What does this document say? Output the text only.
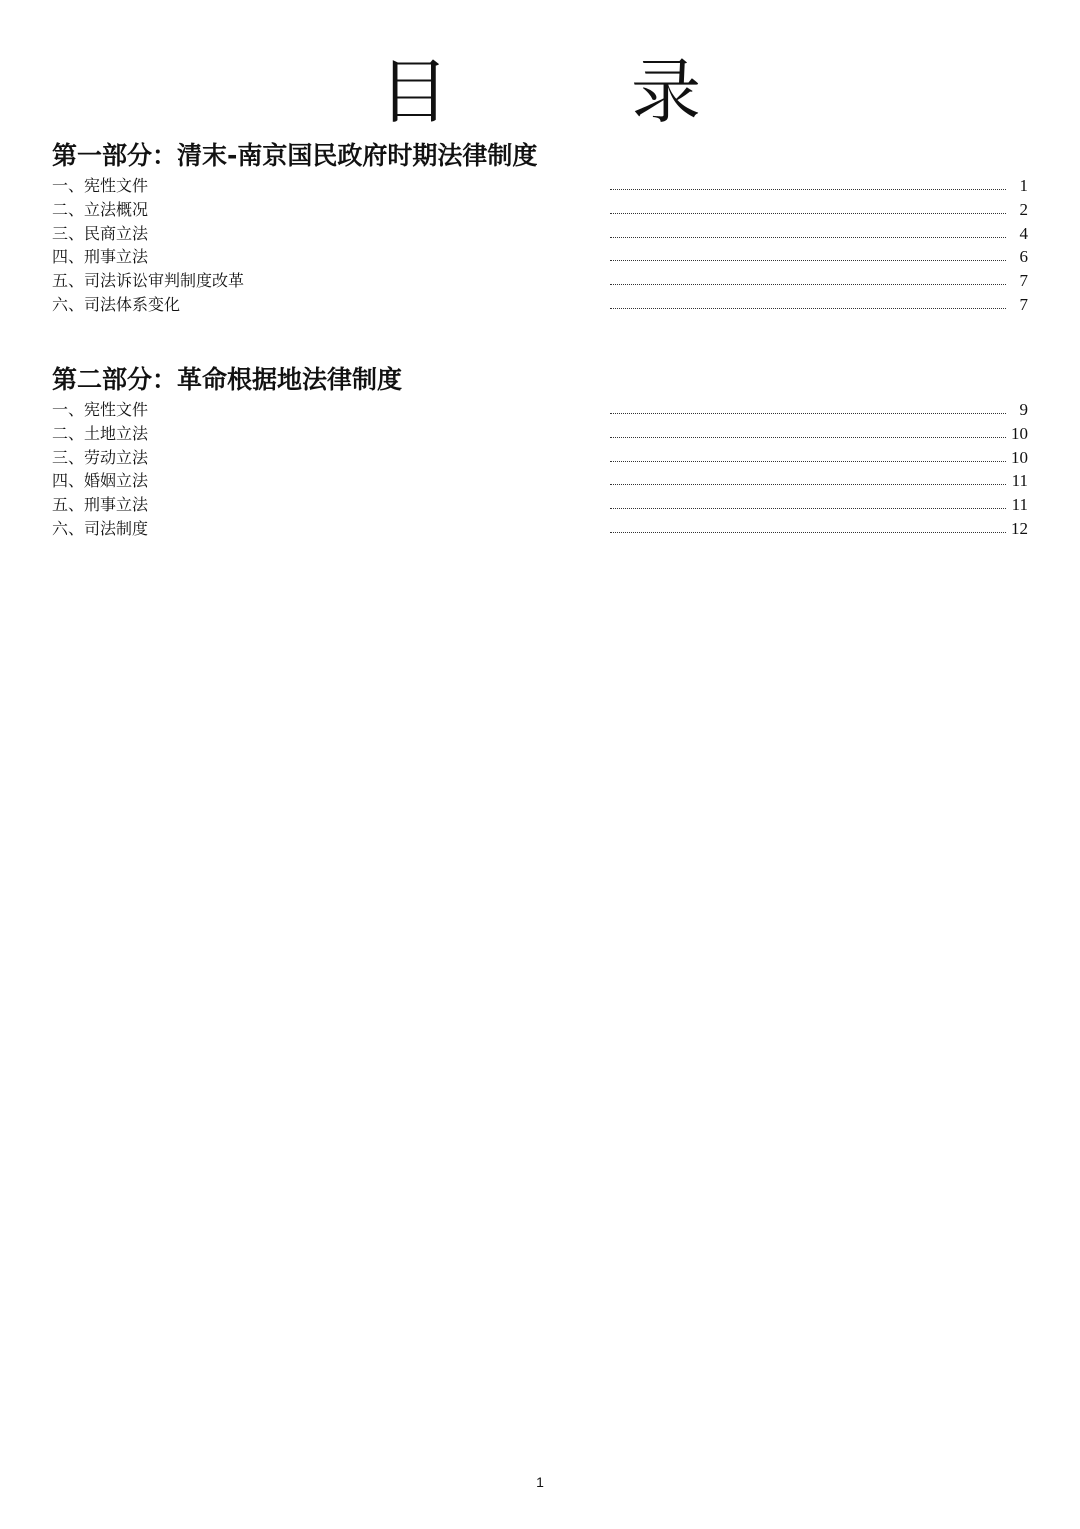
目　录
第一部分：清末-南京国民政府时期法律制度
一、宪性文件	1
二、立法概况	2
三、民商立法	4
四、刑事立法	6
五、司法诉讼审判制度改革	7
六、司法体系变化	7
第二部分：革命根据地法律制度
一、宪性文件	9
二、土地立法	10
三、劳动立法	10
四、婚姻立法	11
五、刑事立法	11
六、司法制度	12
1
